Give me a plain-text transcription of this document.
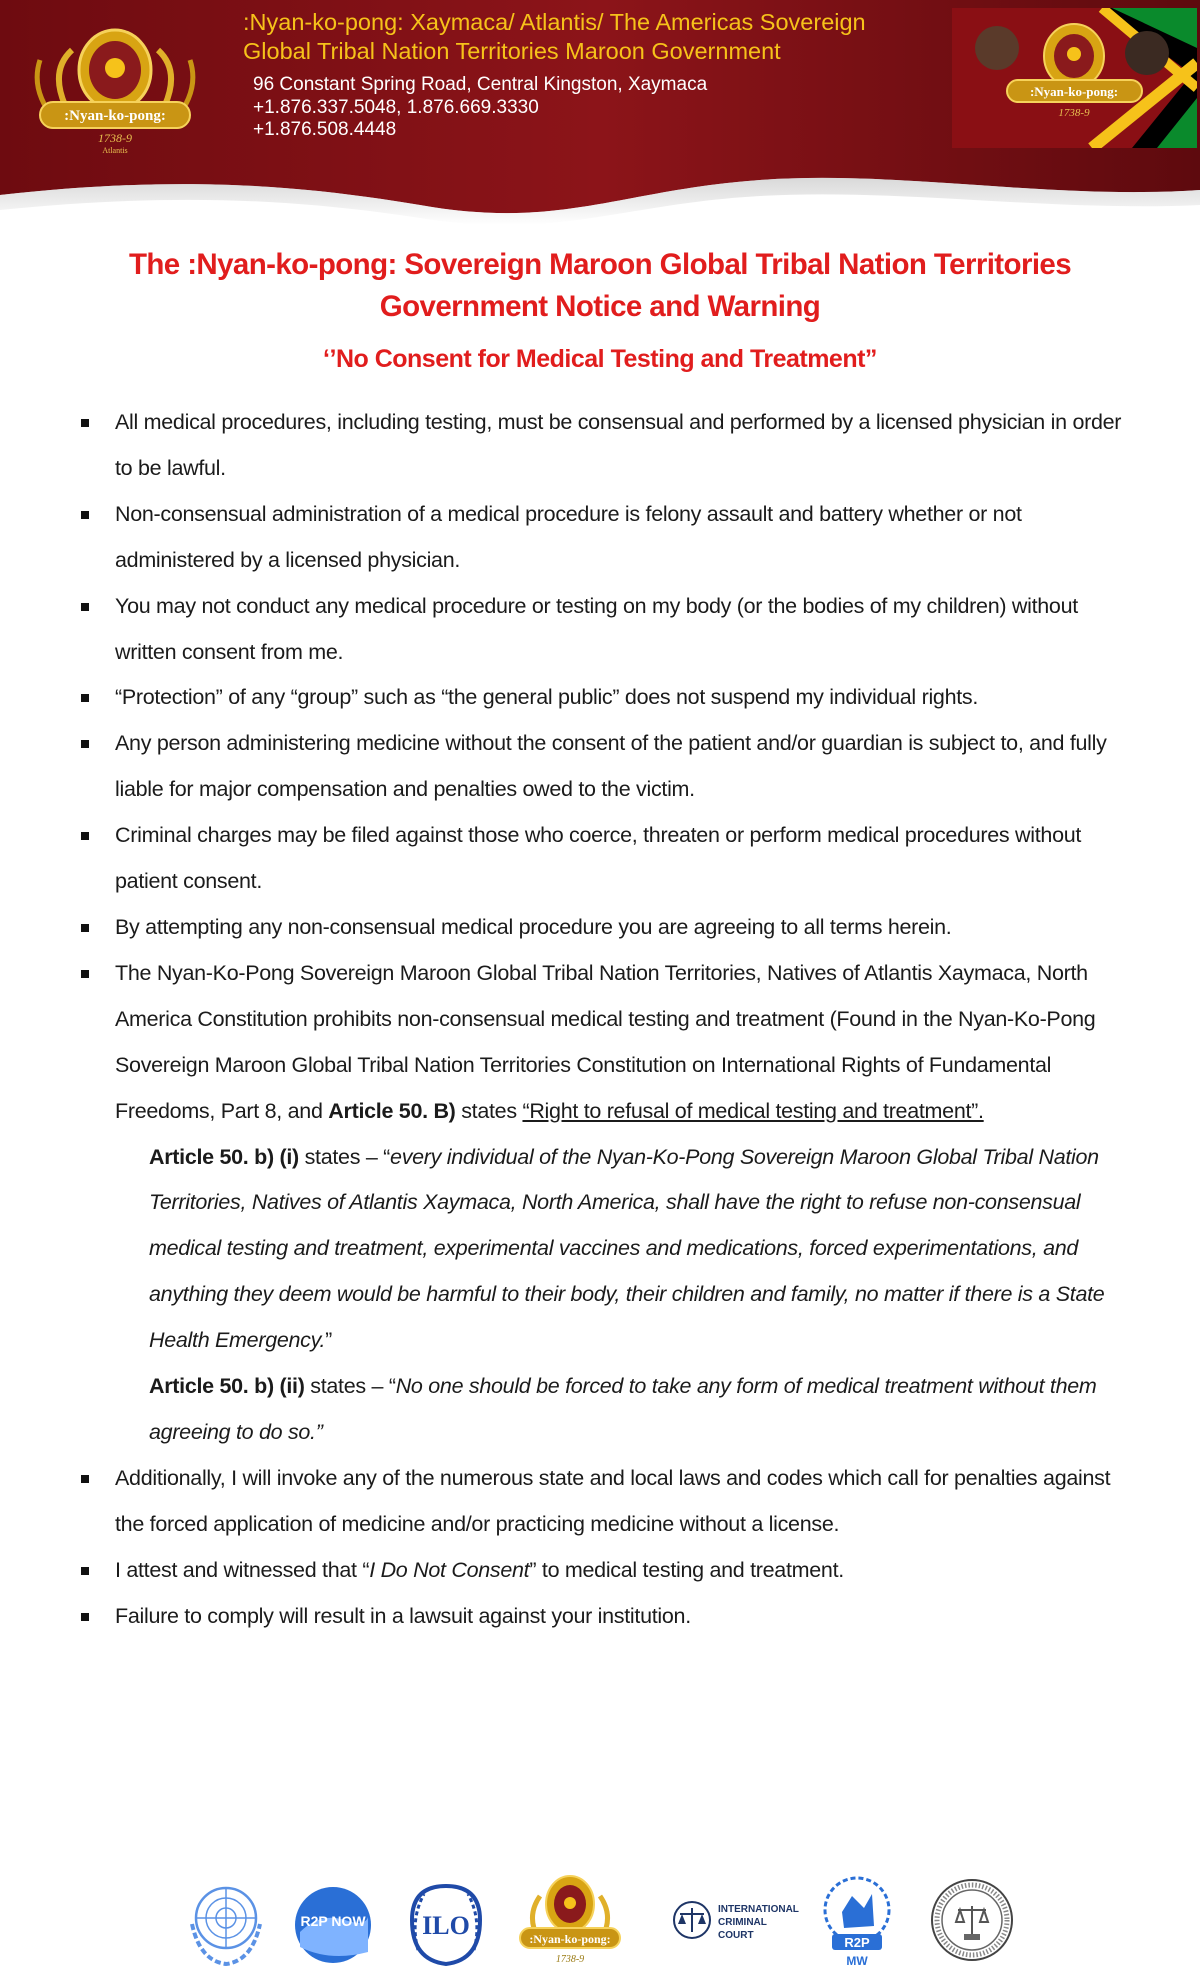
:Nyan-ko-pong:
1738-9
Atlantis
:Nyan-ko-pong: Xaymaca/ Atlantis/ The Americas Sovereign
Global Tribal Nation Territories Maroon Government
96 Constant Spring Road, Central Kingston, Xaymaca
+1.876.337.5048, 1.876.669.3330
+1.876.508.4448
:Nyan-ko-pong:
1738-9
The :Nyan-ko-pong: Sovereign Maroon Global Tribal Nation Territories
Government Notice and Warning
‘’No Consent for Medical Testing and Treatment”
All medical procedures, including testing, must be consensual and performed by a licensed physician in order to be lawful.
Non-consensual administration of a medical procedure is felony assault and battery whether or not administered by a licensed physician.
You may not conduct any medical procedure or testing on my body (or the bodies of my children) without written consent from me.
“Protection” of any “group” such as “the general public” does not suspend my individual rights.
Any person administering medicine without the consent of the patient and/or guardian is subject to, and fully liable for major compensation and penalties owed to the victim.
Criminal charges may be filed against those who coerce, threaten or perform medical procedures without patient consent.
By attempting any non-consensual medical procedure you are agreeing to all terms herein.
The Nyan-Ko-Pong Sovereign Maroon Global Tribal Nation Territories, Natives of Atlantis Xaymaca, North America Constitution prohibits non-consensual medical testing and treatment (Found in the Nyan-Ko-Pong Sovereign Maroon Global Tribal Nation Territories Constitution on International Rights of Fundamental Freedoms, Part 8, and Article 50. B) states “Right to refusal of medical testing and treatment”.
Article 50. b) (i) states – “every individual of the Nyan-Ko-Pong Sovereign Maroon Global Tribal Nation Territories, Natives of Atlantis Xaymaca, North America, shall have the right to refuse non-consensual medical testing and treatment, experimental vaccines and medications, forced experimentations, and anything they deem would be harmful to their body, their children and family, no matter if there is a State Health Emergency.”
Article 50. b) (ii) states – “No one should be forced to take any form of medical treatment without them agreeing to do so.”
Additionally, I will invoke any of the numerous state and local laws and codes which call for penalties against the forced application of medicine and/or practicing medicine without a license.
I attest and witnessed that “I Do Not Consent” to medical testing and treatment.
Failure to comply will result in a lawsuit against your institution.
R2P NOW ILO	:Nyan-ko-pong:
1738-9
INTERNATIONAL
CRIMINAL
COURT	R2P
MW
